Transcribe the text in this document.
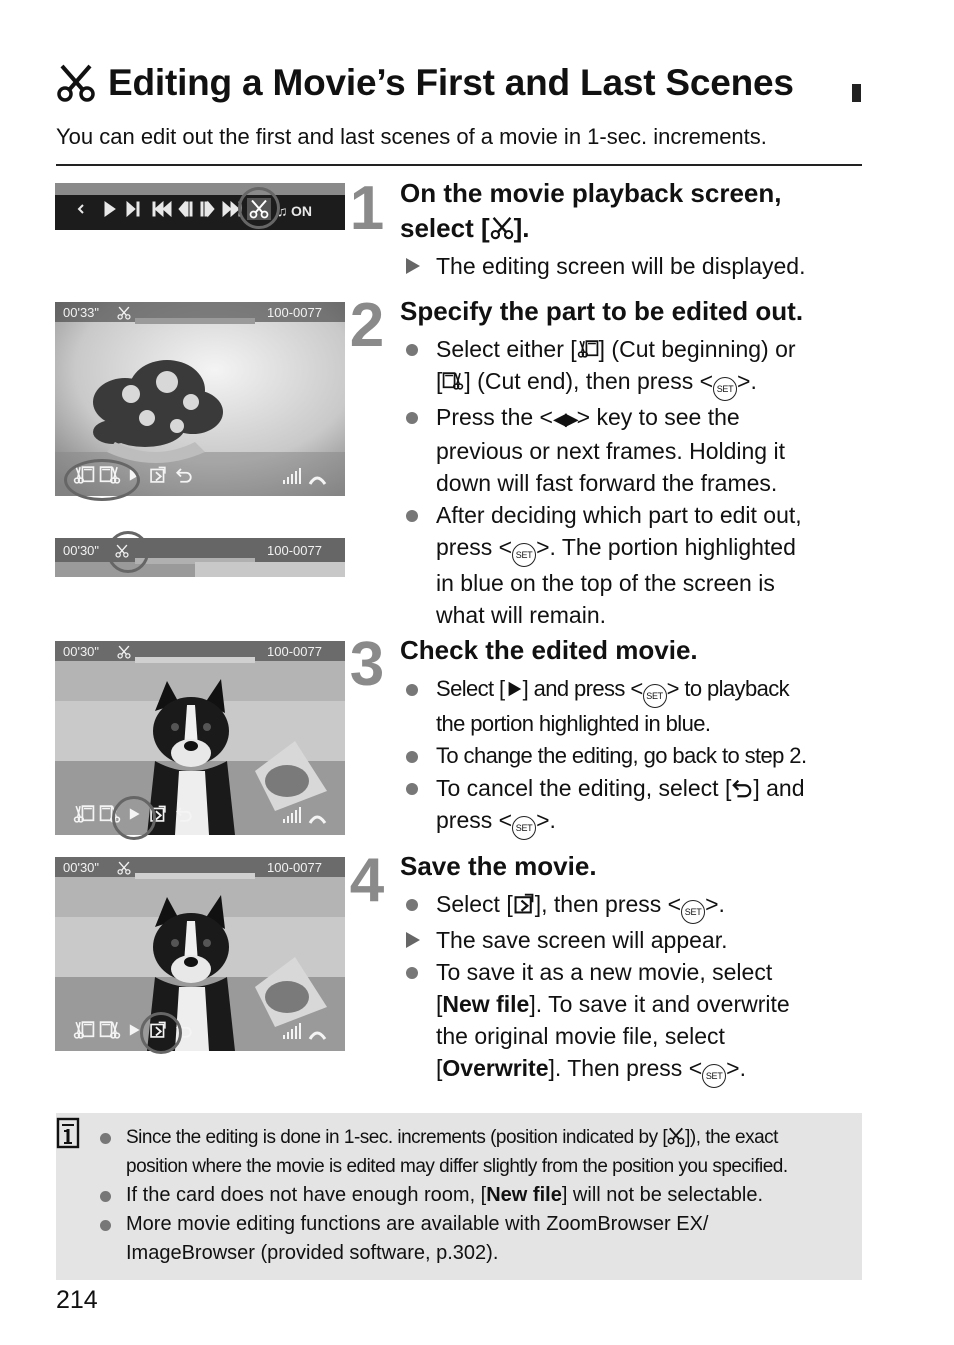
Editing a Movie’s First and Last Scenes
You can edit out the first and last scenes of a movie in 1-sec. increments.
♫ ON 1 On the movie playback screen,
select [ ].
The editing screen will be displayed.
00'33"	100-0077
00'30"	100-0077
2 Specify the part to be edited out.
Select either [ ] (Cut beginning) or
[ ] (Cut end), then press < SET >.
Press the <◀▶> key to see the
previous or next frames. Holding it
down will fast forward the frames.
After deciding which part to edit out,
press < SET >. The portion highlighted
in blue on the top of the screen is
what will remain.
00'30"	100-0077 3 Check the edited movie.
Select [ ] and press < SET > to playback
the portion highlighted in blue.
To change the editing, go back to step 2.
To cancel the editing, select [ ] and
press < SET >.
00'30"	100-0077 4 Save the movie.
Select [ ], then press < SET >.
The save screen will appear.
To save it as a new movie, select
[New file]. To save it and overwrite
the original movie file, select
[Overwrite]. Then press < SET >.
Since the editing is done in 1-sec. increments (position indicated by [ ]), the exact
position where the movie is edited may differ slightly from the position you specified.
If the card does not have enough room, [New file] will not be selectable.
More movie editing functions are available with ZoomBrowser EX/
ImageBrowser (provided software, p.302).
214
